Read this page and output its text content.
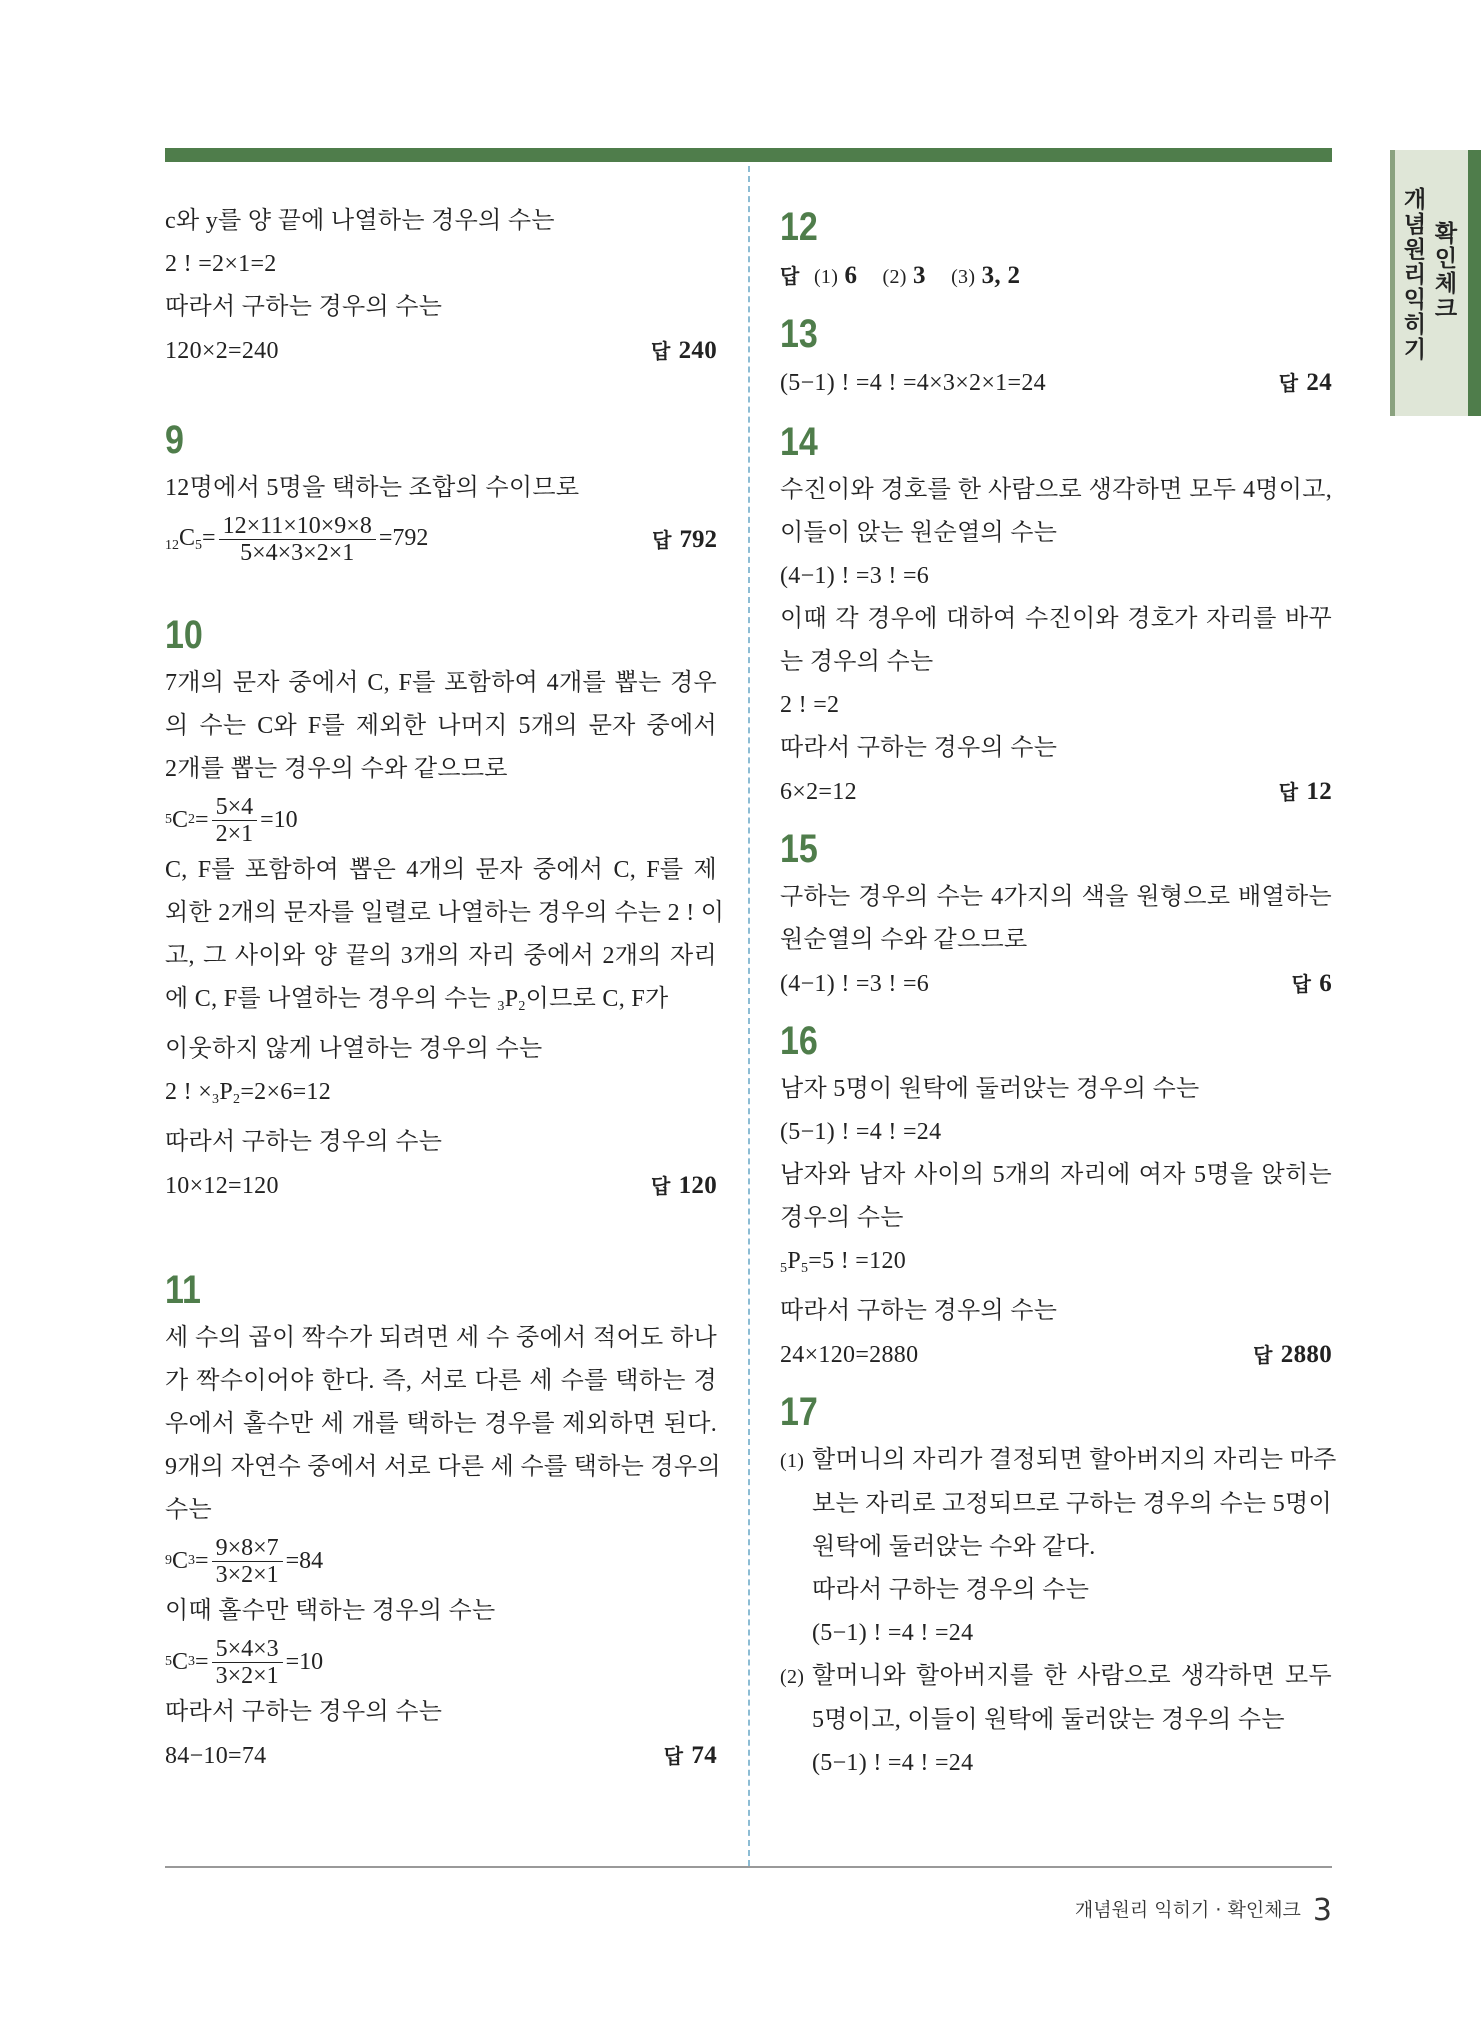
개념원리 익히기
확인체크
c와 y를 양 끝에 나열하는 경우의 수는
2 ! =2×1=2
따라서 구하는 경우의 수는
120×2=240	답 240
9
12명에서 5명을 택하는 조합의 수이므로
$_{12}C_5= \frac{12\times 11\times 10\times 9\times 8}{5\times 4\times 3\times 2\times 1} =792$	답 792
10
7개의 문자 중에서 C, F를 포함하여 4개를 뽑는 경우
의 수는 C와 F를 제외한 나머지 5개의 문자 중에서
2개를 뽑는 경우의 수와 같으므로
5 C $2 = \frac{5\times 4}{2\times 1} =10$
C, F를 포함하여 뽑은 4개의 문자 중에서 C, F를 제
외한 2개의 문자를 일렬로 나열하는 경우의 수는 2 ! 이
고, 그 사이와 양 끝의 3개의 자리 중에서 2개의 자리
에 C, F를 나열하는 경우의 수는 $_3P_2$이므로 C, F가
이웃하지 않게 나열하는 경우의 수는
2 ! $\times_3P_2=2\times 6=12$
따라서 구하는 경우의 수는
10×12=120	답 120
11
세 수의 곱이 짝수가 되려면 세 수 중에서 적어도 하나
가 짝수이어야 한다. 즉, 서로 다른 세 수를 택하는 경
우에서 홀수만 세 개를 택하는 경우를 제외하면 된다.
9개의 자연수 중에서 서로 다른 세 수를 택하는 경우의
수는
9 C $3 = \frac{9\times 8\times 7}{3\times 2\times 1} =84$
이때 홀수만 택하는 경우의 수는
5 C $3 = \frac{5\times 4\times 3}{3\times 2\times 1} =10$
따라서 구하는 경우의 수는
84−10=74	답 74
12
답 (1) 6 (2) 3 (3) 3, 2
13
(5−1) ! =4 ! =4×3×2×1=24	답 24
14
수진이와 경호를 한 사람으로 생각하면 모두 4명이고,
이들이 앉는 원순열의 수는
(4−1) ! =3 ! =6
이때 각 경우에 대하여 수진이와 경호가 자리를 바꾸
는 경우의 수는
2 ! =2
따라서 구하는 경우의 수는
6×2=12	답 12
15
구하는 경우의 수는 4가지의 색을 원형으로 배열하는
원순열의 수와 같으므로
(4−1) ! =3 ! =6	답 6
16
남자 5명이 원탁에 둘러앉는 경우의 수는
(5−1) ! =4 ! =24
남자와 남자 사이의 5개의 자리에 여자 5명을 앉히는
경우의 수는
$_5P_5=5$ ! =120
따라서 구하는 경우의 수는
24×120=2880	답 2880
17
(1) 할머니의 자리가 결정되면 할아버지의 자리는 마주
보는 자리로 고정되므로 구하는 경우의 수는 5명이
원탁에 둘러앉는 수와 같다.
따라서 구하는 경우의 수는
(5−1) ! =4 ! =24
(2) 할머니와 할아버지를 한 사람으로 생각하면 모두
5명이고, 이들이 원탁에 둘러앉는 경우의 수는
(5−1) ! =4 ! =24
개념원리 익히기 · 확인체크 3
